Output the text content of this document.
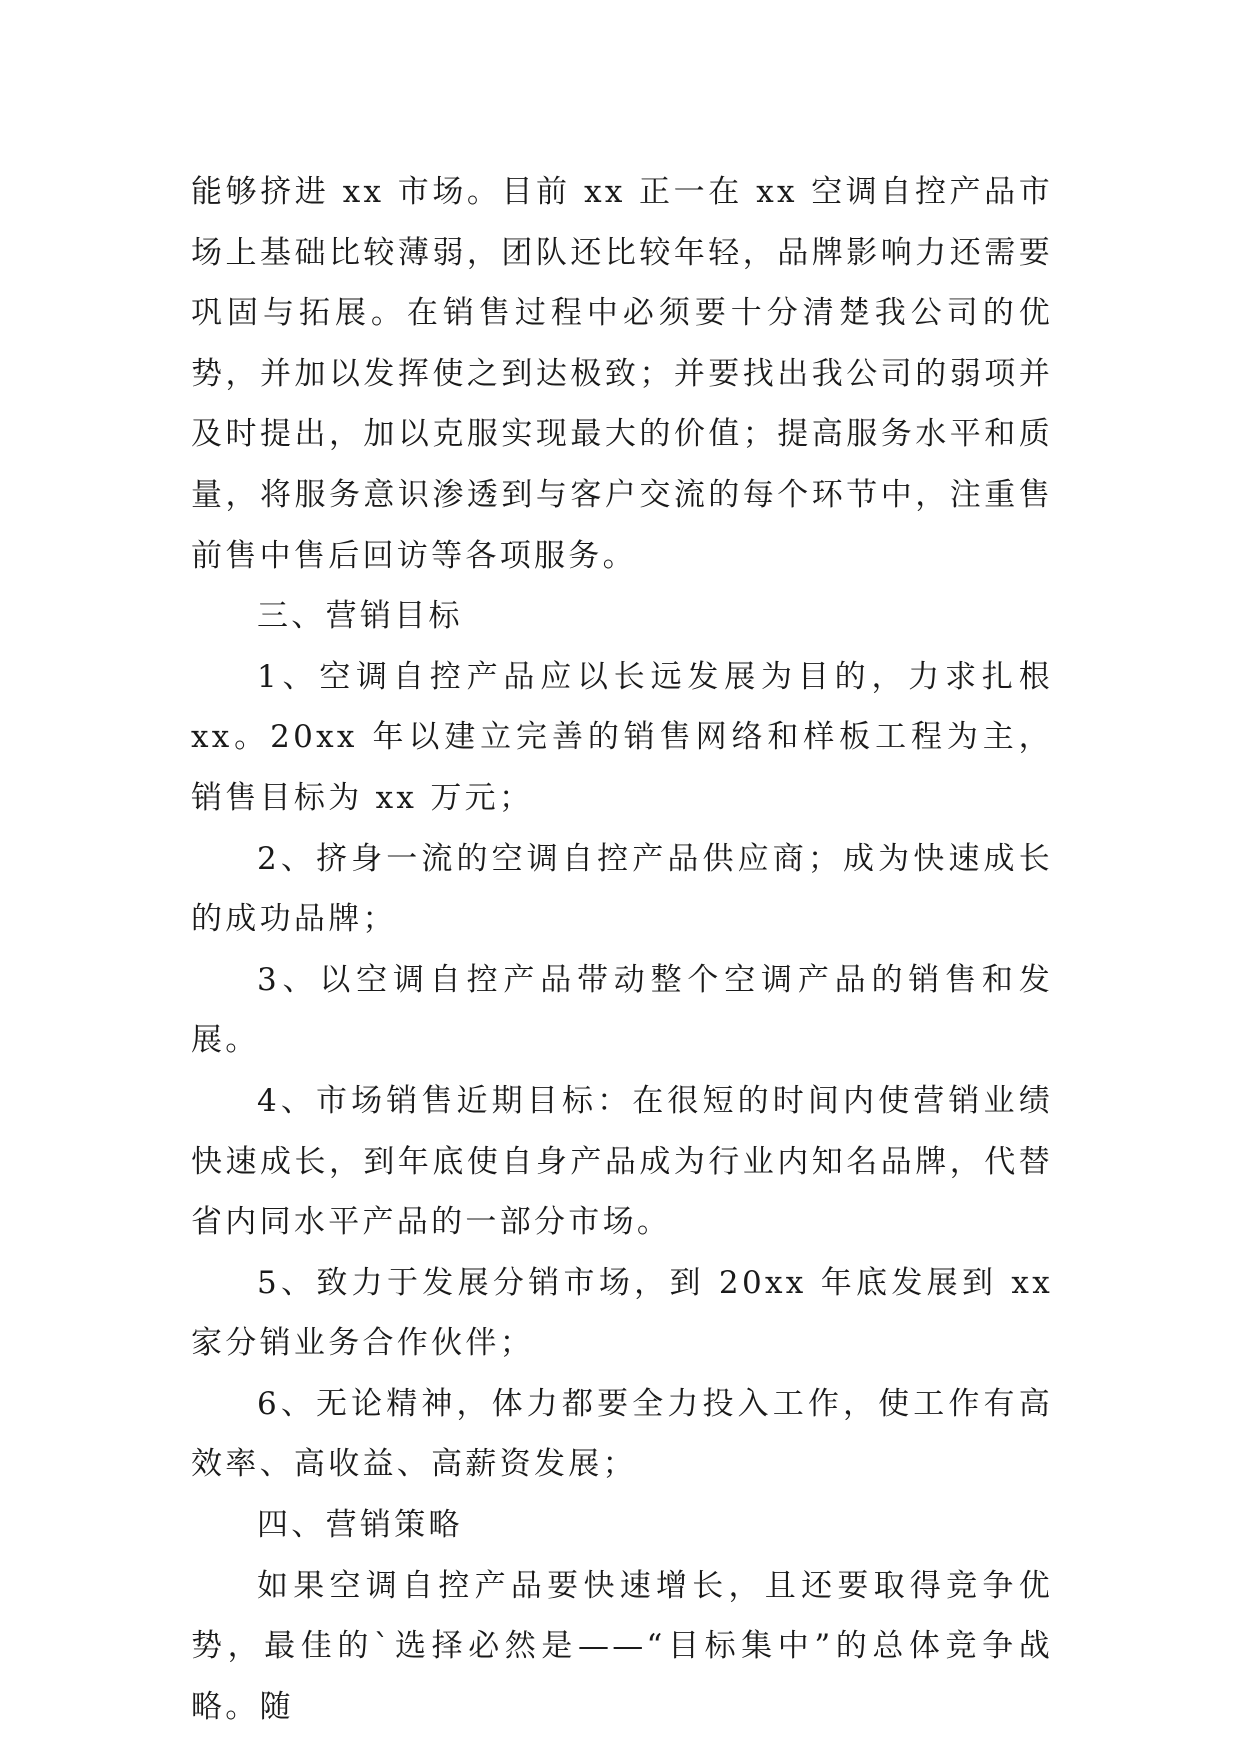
能够挤进 xx 市场。目前 xx 正一在 xx 空调自控产品市场上基础比较薄弱，团队还比较年轻，品牌影响力还需要巩固与拓展。在销售过程中必须要十分清楚我公司的优势，并加以发挥使之到达极致；并要找出我公司的弱项并及时提出，加以克服实现最大的价值；提高服务水平和质量，将服务意识渗透到与客户交流的每个环节中，注重售前售中售后回访等各项服务。

三、营销目标

1、空调自控产品应以长远发展为目的，力求扎根 xx。20xx 年以建立完善的销售网络和样板工程为主，销售目标为 xx 万元；

2、挤身一流的空调自控产品供应商；成为快速成长的成功品牌；

3、以空调自控产品带动整个空调产品的销售和发展。

4、市场销售近期目标：在很短的时间内使营销业绩快速成长，到年底使自身产品成为行业内知名品牌，代替省内同水平产品的一部分市场。

5、致力于发展分销市场，到 20xx 年底发展到 xx 家分销业务合作伙伴；

6、无论精神，体力都要全力投入工作，使工作有高效率、高收益、高薪资发展；

四、营销策略

如果空调自控产品要快速增长，且还要取得竞争优势，最佳的`选择必然是——“目标集中”的总体竞争战略。随
